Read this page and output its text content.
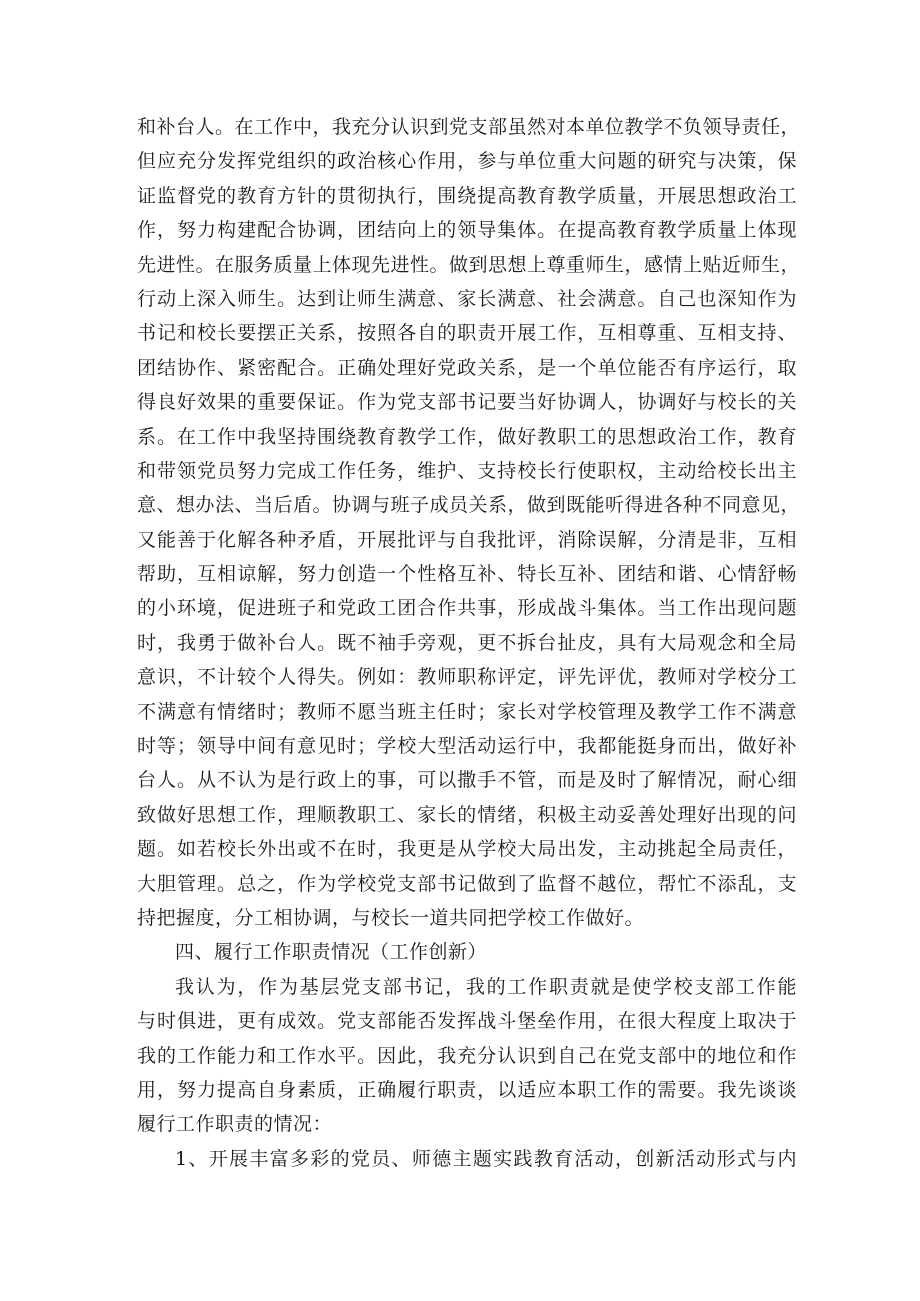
和补台人。在工作中，我充分认识到党支部虽然对本单位教学不负领导责任，
但应充分发挥党组织的政治核心作用，参与单位重大问题的研究与决策，保
证监督党的教育方针的贯彻执行，围绕提高教育教学质量，开展思想政治工
作，努力构建配合协调，团结向上的领导集体。在提高教育教学质量上体现
先进性。在服务质量上体现先进性。做到思想上尊重师生，感情上贴近师生，
行动上深入师生。达到让师生满意、家长满意、社会满意。自己也深知作为
书记和校长要摆正关系，按照各自的职责开展工作，互相尊重、互相支持、
团结协作、紧密配合。正确处理好党政关系，是一个单位能否有序运行，取
得良好效果的重要保证。作为党支部书记要当好协调人，协调好与校长的关
系。在工作中我坚持围绕教育教学工作，做好教职工的思想政治工作，教育
和带领党员努力完成工作任务，维护、支持校长行使职权，主动给校长出主
意、想办法、当后盾。协调与班子成员关系，做到既能听得进各种不同意见，
又能善于化解各种矛盾，开展批评与自我批评，消除误解，分清是非，互相
帮助，互相谅解，努力创造一个性格互补、特长互补、团结和谐、心情舒畅
的小环境，促进班子和党政工团合作共事，形成战斗集体。当工作出现问题
时，我勇于做补台人。既不袖手旁观，更不拆台扯皮，具有大局观念和全局
意识，不计较个人得失。例如：教师职称评定，评先评优，教师对学校分工
不满意有情绪时；教师不愿当班主任时；家长对学校管理及教学工作不满意
时等；领导中间有意见时；学校大型活动运行中，我都能挺身而出，做好补
台人。从不认为是行政上的事，可以撒手不管，而是及时了解情况，耐心细
致做好思想工作，理顺教职工、家长的情绪，积极主动妥善处理好出现的问
题。如若校长外出或不在时，我更是从学校大局出发，主动挑起全局责任，
大胆管理。总之，作为学校党支部书记做到了监督不越位，帮忙不添乱，支
持把握度，分工相协调，与校长一道共同把学校工作做好。
四、履行工作职责情况（工作创新）
我认为，作为基层党支部书记，我的工作职责就是使学校支部工作能
与时俱进，更有成效。党支部能否发挥战斗堡垒作用，在很大程度上取决于
我的工作能力和工作水平。因此，我充分认识到自己在党支部中的地位和作
用，努力提高自身素质，正确履行职责，以适应本职工作的需要。我先谈谈
履行工作职责的情况：
1、开展丰富多彩的党员、师德主题实践教育活动，创新活动形式与内
